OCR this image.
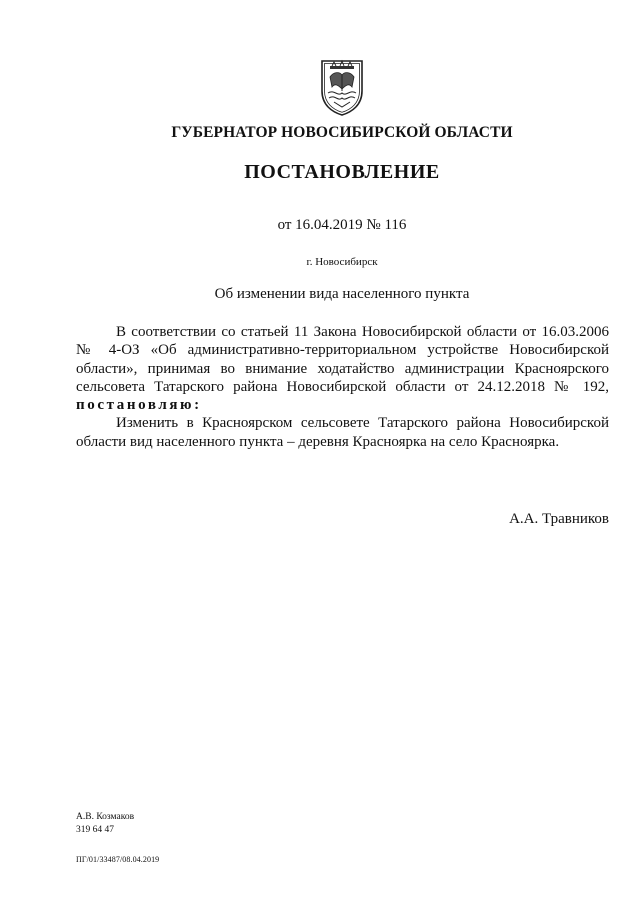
ГУБЕРНАТОР НОВОСИБИРСКОЙ ОБЛАСТИ
ПОСТАНОВЛЕНИЕ
от 16.04.2019 № 116
г. Новосибирск
Об изменении вида населенного пункта

В соответствии со статьей 11 Закона Новосибирской области от 16.03.2006 № 4-ОЗ «Об административно-территориальном устройстве Новосибирской области», принимая во внимание ходатайство администрации Красноярского сельсовета Татарского района Новосибирской области от 24.12.2018 № 192, постановляю:

Изменить в Красноярском сельсовете Татарского района Новосибирской области вид населенного пункта – деревня Красноярка на село Красноярка.

А.А. Травников
А.В. Козмаков
319 64 47
ПГ/01/33487/08.04.2019
